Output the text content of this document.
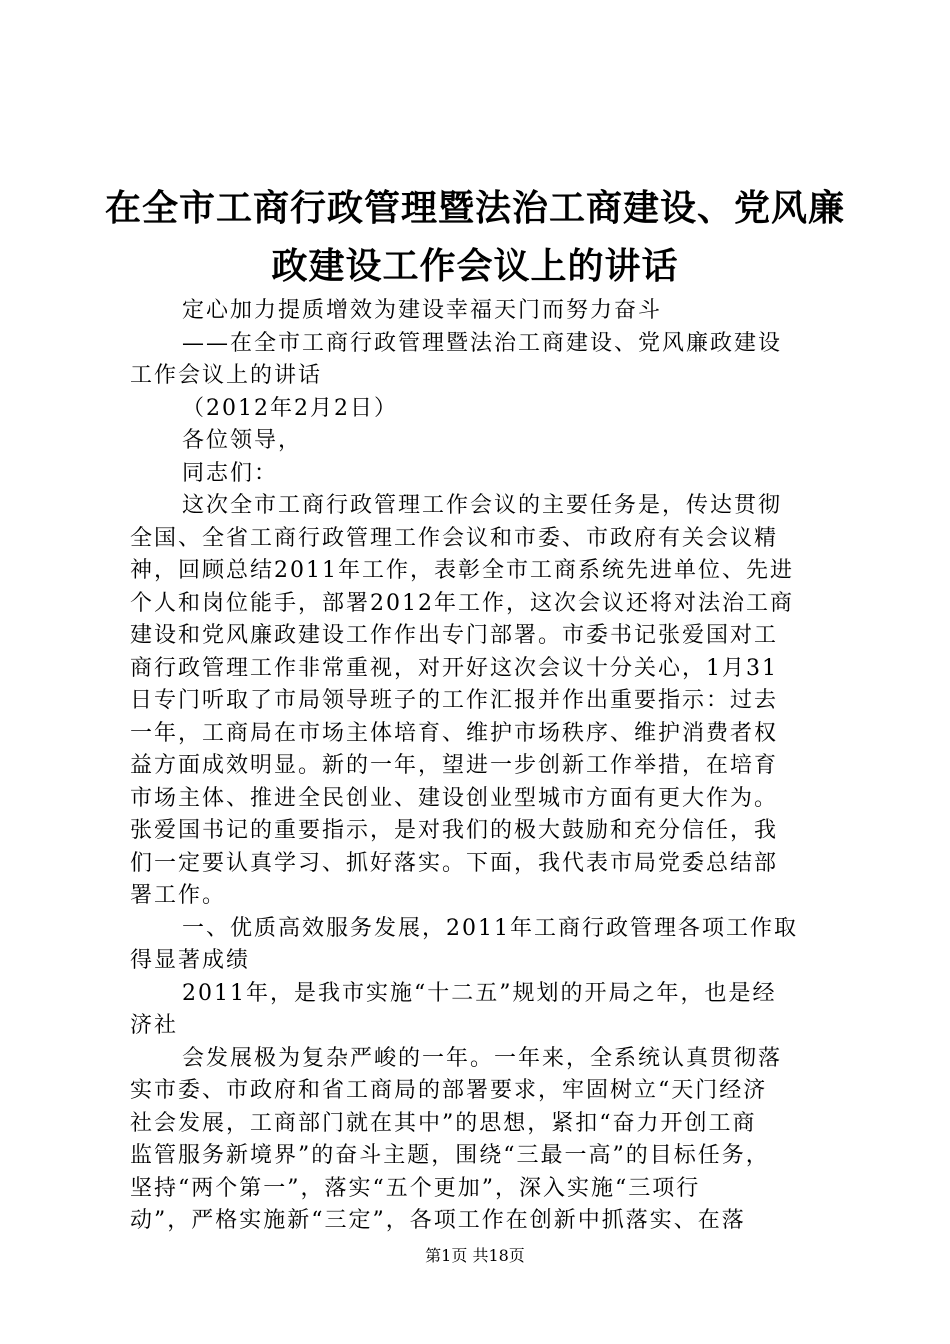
在全市工商行政管理暨法治工商建设、党风廉
政建设工作会议上的讲话
定心加力提质增效为建设幸福天门而努力奋斗
——在全市工商行政管理暨法治工商建设、党风廉政建设
工作会议上的讲话
（2012年2月2日）
各位领导，
同志们：
这次全市工商行政管理工作会议的主要任务是，传达贯彻
全国、全省工商行政管理工作会议和市委、市政府有关会议精
神，回顾总结2011年工作，表彰全市工商系统先进单位、先进
个人和岗位能手，部署2012年工作，这次会议还将对法治工商
建设和党风廉政建设工作作出专门部署。市委书记张爱国对工
商行政管理工作非常重视，对开好这次会议十分关心，1月31
日专门听取了市局领导班子的工作汇报并作出重要指示：过去
一年，工商局在市场主体培育、维护市场秩序、维护消费者权
益方面成效明显。新的一年，望进一步创新工作举措，在培育
市场主体、推进全民创业、建设创业型城市方面有更大作为。
张爱国书记的重要指示，是对我们的极大鼓励和充分信任，我
们一定要认真学习、抓好落实。下面，我代表市局党委总结部
署工作。
一、优质高效服务发展，2011年工商行政管理各项工作取
得显著成绩
2011年，是我市实施“十二五”规划的开局之年，也是经
济社
会发展极为复杂严峻的一年。一年来，全系统认真贯彻落
实市委、市政府和省工商局的部署要求，牢固树立“天门经济
社会发展，工商部门就在其中”的思想，紧扣“奋力开创工商
监管服务新境界”的奋斗主题，围绕“三最一高”的目标任务，
坚持“两个第一”，落实“五个更加”，深入实施“三项行
动”，严格实施新“三定”，各项工作在创新中抓落实、在落
第1页 共18页
